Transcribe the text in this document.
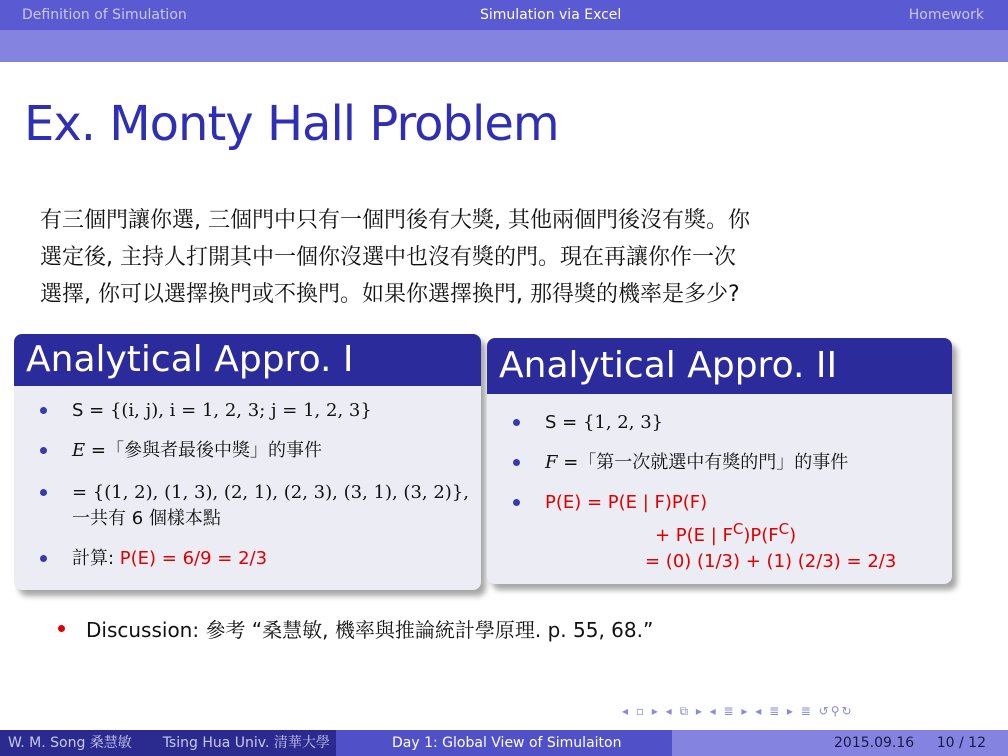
Definition of Simulation	Simulation via Excel	Homework
Ex. Monty Hall Problem
有三個門讓你選, 三個門中只有一個門後有大獎, 其他兩個門後沒有獎。你
選定後, 主持人打開其中一個你沒選中也沒有獎的門。現在再讓你作一次
選擇, 你可以選擇換門或不換門。如果你選擇換門, 那得獎的機率是多少?
Analytical Appro. I
S = {(i, j), i = 1, 2, 3; j = 1, 2, 3}
E =「參與者最後中獎」的事件
= {(1, 2), (1, 3), (2, 1), (2, 3), (3, 1), (3, 2)},
一共有 6 個樣本點
計算: P(E) = 6/9 = 2/3
Analytical Appro. II
S = {1, 2, 3}
F =「第一次就選中有獎的門」的事件
P(E) = P(E | F)P(F)
+ P(E | $F^C)P(F^C)$
= (0) (1/3) + (1) (2/3) = 2/3
Discussion: 參考 “桑慧敏, 機率與推論統計學原理. p. 55, 68.”
◂ ▫ ▸ ◂ ⧉ ▸ ◂ ≣ ▸ ◂ ≣ ▸ ≣ ↺⚲↻
W. M. Song 桑慧敏 Tsing Hua Univ. 清華大學	Day 1: Global View of Simulaiton	2015.09.16 10 / 12
